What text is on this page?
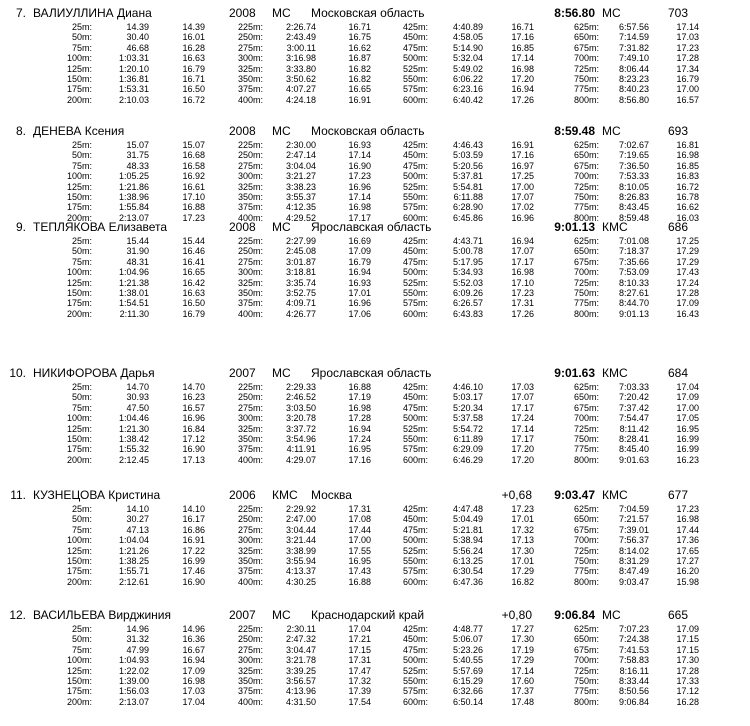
7. ВАЛИУЛЛИНА Диана	2008 МС Московская область	8:56.80 МС	703
25m:	14.39	14.39	225m:	2:26.74	16.71	425m:	4:40.89	16.71	625m:	6:57.56	17.14
50m:	30.40	16.01	250m:	2:43.49	16.75	450m:	4:58.05	17.16	650m:	7:14.59	17.03
75m:	46.68	16.28	275m:	3:00.11	16.62	475m:	5:14.90	16.85	675m:	7:31.82	17.23
100m:	1:03.31	16.63	300m:	3:16.98	16.87	500m:	5:32.04	17.14	700m:	7:49.10	17.28
125m:	1:20.10	16.79	325m:	3:33.80	16.82	525m:	5:49.02	16.98	725m:	8:06.44	17.34
150m:	1:36.81	16.71	350m:	3:50.62	16.82	550m:	6:06.22	17.20	750m:	8:23.23	16.79
175m:	1:53.31	16.50	375m:	4:07.27	16.65	575m:	6:23.16	16.94	775m:	8:40.23	17.00
200m:	2:10.03	16.72	400m:	4:24.18	16.91	600m:	6:40.42	17.26	800m:	8:56.80	16.57
8. ДЕНЕВА Ксения	2008 МС Московская область	8:59.48 МС	693
25m:	15.07	15.07	225m:	2:30.00	16.93	425m:	4:46.43	16.91	625m:	7:02.67	16.81
50m:	31.75	16.68	250m:	2:47.14	17.14	450m:	5:03.59	17.16	650m:	7:19.65	16.98
75m:	48.33	16.58	275m:	3:04.04	16.90	475m:	5:20.56	16.97	675m:	7:36.50	16.85
100m:	1:05.25	16.92	300m:	3:21.27	17.23	500m:	5:37.81	17.25	700m:	7:53.33	16.83
125m:	1:21.86	16.61	325m:	3:38.23	16.96	525m:	5:54.81	17.00	725m:	8:10.05	16.72
150m:	1:38.96	17.10	350m:	3:55.37	17.14	550m:	6:11.88	17.07	750m:	8:26.83	16.78
175m:	1:55.84	16.88	375m:	4:12.35	16.98	575m:	6:28.90	17.02	775m:	8:43.45	16.62
200m:	2:13.07	17.23	400m:	4:29.52	17.17	600m:	6:45.86	16.96	800m:	8:59.48	16.03
9. ТЕПЛЯКОВА Елизавета	2008 МС Ярославская область	9:01.13 КМС	686
25m:	15.44	15.44	225m:	2:27.99	16.69	425m:	4:43.71	16.94	625m:	7:01.08	17.25
50m:	31.90	16.46	250m:	2:45.08	17.09	450m:	5:00.78	17.07	650m:	7:18.37	17.29
75m:	48.31	16.41	275m:	3:01.87	16.79	475m:	5:17.95	17.17	675m:	7:35.66	17.29
100m:	1:04.96	16.65	300m:	3:18.81	16.94	500m:	5:34.93	16.98	700m:	7:53.09	17.43
125m:	1:21.38	16.42	325m:	3:35.74	16.93	525m:	5:52.03	17.10	725m:	8:10.33	17.24
150m:	1:38.01	16.63	350m:	3:52.75	17.01	550m:	6:09.26	17.23	750m:	8:27.61	17.28
175m:	1:54.51	16.50	375m:	4:09.71	16.96	575m:	6:26.57	17.31	775m:	8:44.70	17.09
200m:	2:11.30	16.79	400m:	4:26.77	17.06	600m:	6:43.83	17.26	800m:	9:01.13	16.43
10. НИКИФОРОВА Дарья	2007 МС Ярославская область	9:01.63 КМС	684
25m:	14.70	14.70	225m:	2:29.33	16.88	425m:	4:46.10	17.03	625m:	7:03.33	17.04
50m:	30.93	16.23	250m:	2:46.52	17.19	450m:	5:03.17	17.07	650m:	7:20.42	17.09
75m:	47.50	16.57	275m:	3:03.50	16.98	475m:	5:20.34	17.17	675m:	7:37.42	17.00
100m:	1:04.46	16.96	300m:	3:20.78	17.28	500m:	5:37.58	17.24	700m:	7:54.47	17.05
125m:	1:21.30	16.84	325m:	3:37.72	16.94	525m:	5:54.72	17.14	725m:	8:11.42	16.95
150m:	1:38.42	17.12	350m:	3:54.96	17.24	550m:	6:11.89	17.17	750m:	8:28.41	16.99
175m:	1:55.32	16.90	375m:	4:11.91	16.95	575m:	6:29.09	17.20	775m:	8:45.40	16.99
200m:	2:12.45	17.13	400m:	4:29.07	17.16	600m:	6:46.29	17.20	800m:	9:01.63	16.23
11. КУЗНЕЦОВА Кристина	2006 КМС Москва	+0,68	9:03.47 КМС	677
25m:	14.10	14.10	225m:	2:29.92	17.31	425m:	4:47.48	17.23	625m:	7:04.59	17.23
50m:	30.27	16.17	250m:	2:47.00	17.08	450m:	5:04.49	17.01	650m:	7:21.57	16.98
75m:	47.13	16.86	275m:	3:04.44	17.44	475m:	5:21.81	17.32	675m:	7:39.01	17.44
100m:	1:04.04	16.91	300m:	3:21.44	17.00	500m:	5:38.94	17.13	700m:	7:56.37	17.36
125m:	1:21.26	17.22	325m:	3:38.99	17.55	525m:	5:56.24	17.30	725m:	8:14.02	17.65
150m:	1:38.25	16.99	350m:	3:55.94	16.95	550m:	6:13.25	17.01	750m:	8:31.29	17.27
175m:	1:55.71	17.46	375m:	4:13.37	17.43	575m:	6:30.54	17.29	775m:	8:47.49	16.20
200m:	2:12.61	16.90	400m:	4:30.25	16.88	600m:	6:47.36	16.82	800m:	9:03.47	15.98
12. ВАСИЛЬЕВА Вирджиния	2007 МС Краснодарский край	+0,80	9:06.84 МС	665
25m:	14.96	14.96	225m:	2:30.11	17.04	425m:	4:48.77	17.27	625m:	7:07.23	17.09
50m:	31.32	16.36	250m:	2:47.32	17.21	450m:	5:06.07	17.30	650m:	7:24.38	17.15
75m:	47.99	16.67	275m:	3:04.47	17.15	475m:	5:23.26	17.19	675m:	7:41.53	17.15
100m:	1:04.93	16.94	300m:	3:21.78	17.31	500m:	5:40.55	17.29	700m:	7:58.83	17.30
125m:	1:22.02	17.09	325m:	3:39.25	17.47	525m:	5:57.69	17.14	725m:	8:16.11	17.28
150m:	1:39.00	16.98	350m:	3:56.57	17.32	550m:	6:15.29	17.60	750m:	8:33.44	17.33
175m:	1:56.03	17.03	375m:	4:13.96	17.39	575m:	6:32.66	17.37	775m:	8:50.56	17.12
200m:	2:13.07	17.04	400m:	4:31.50	17.54	600m:	6:50.14	17.48	800m:	9:06.84	16.28
